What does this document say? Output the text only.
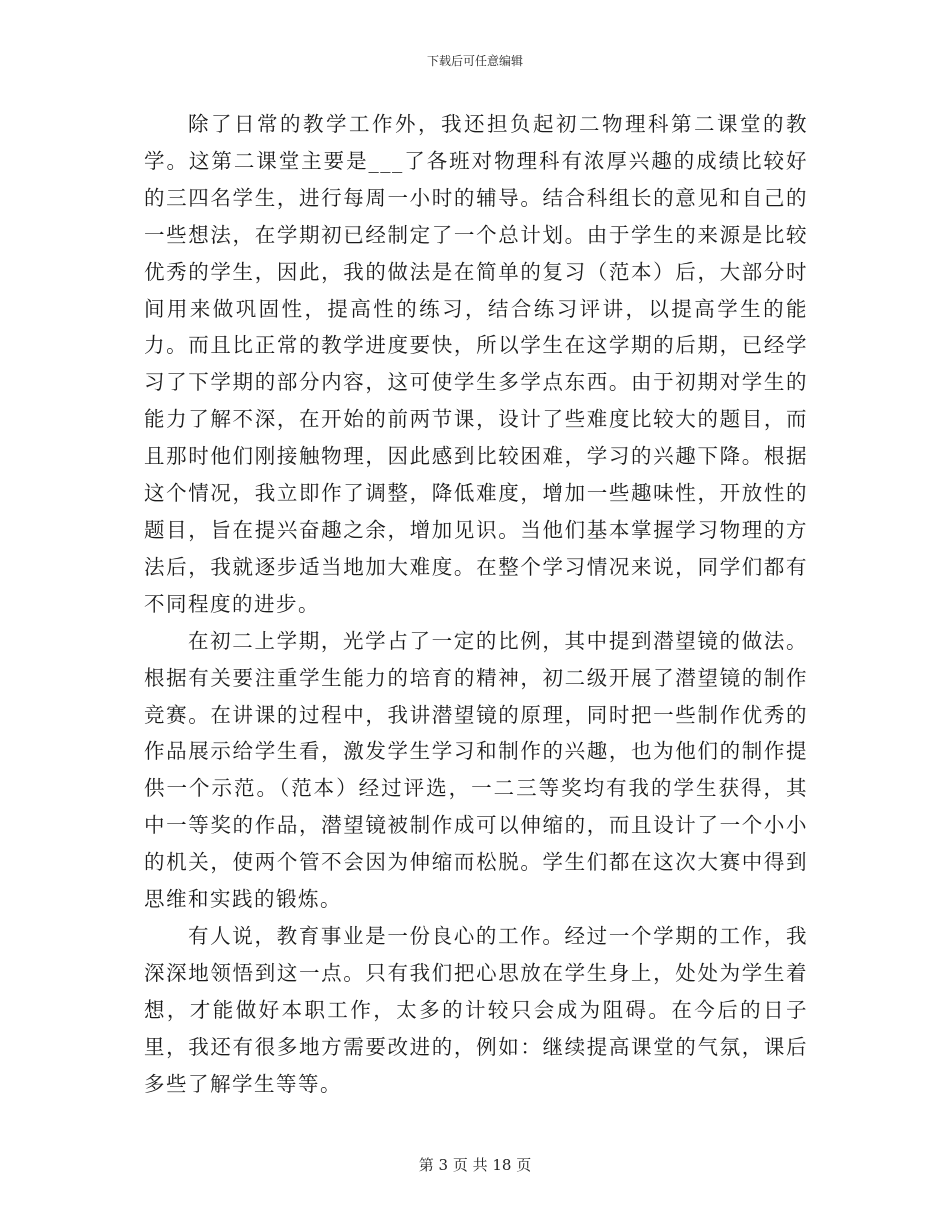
下载后可任意编辑

除了日常的教学工作外，我还担负起初二物理科第二课堂的教学。这第二课堂主要是___了各班对物理科有浓厚兴趣的成绩比较好的三四名学生，进行每周一小时的辅导。结合科组长的意见和自己的一些想法，在学期初已经制定了一个总计划。由于学生的来源是比较优秀的学生，因此，我的做法是在简单的复习（范本）后，大部分时间用来做巩固性，提高性的练习，结合练习评讲，以提高学生的能力。而且比正常的教学进度要快，所以学生在这学期的后期，已经学习了下学期的部分内容，这可使学生多学点东西。由于初期对学生的能力了解不深，在开始的前两节课，设计了些难度比较大的题目，而且那时他们刚接触物理，因此感到比较困难，学习的兴趣下降。根据这个情况，我立即作了调整，降低难度，增加一些趣味性，开放性的题目，旨在提兴奋趣之余，增加见识。当他们基本掌握学习物理的方法后，我就逐步适当地加大难度。在整个学习情况来说，同学们都有不同程度的进步。

在初二上学期，光学占了一定的比例，其中提到潜望镜的做法。根据有关要注重学生能力的培育的精神，初二级开展了潜望镜的制作竞赛。在讲课的过程中，我讲潜望镜的原理，同时把一些制作优秀的作品展示给学生看，激发学生学习和制作的兴趣，也为他们的制作提供一个示范。（范本）经过评选，一二三等奖均有我的学生获得，其中一等奖的作品，潜望镜被制作成可以伸缩的，而且设计了一个小小的机关，使两个管不会因为伸缩而松脱。学生们都在这次大赛中得到思维和实践的锻炼。

有人说，教育事业是一份良心的工作。经过一个学期的工作，我深深地领悟到这一点。只有我们把心思放在学生身上，处处为学生着想，才能做好本职工作，太多的计较只会成为阻碍。在今后的日子里，我还有很多地方需要改进的，例如：继续提高课堂的气氛，课后多些了解学生等等。

第 3 页 共 18 页
